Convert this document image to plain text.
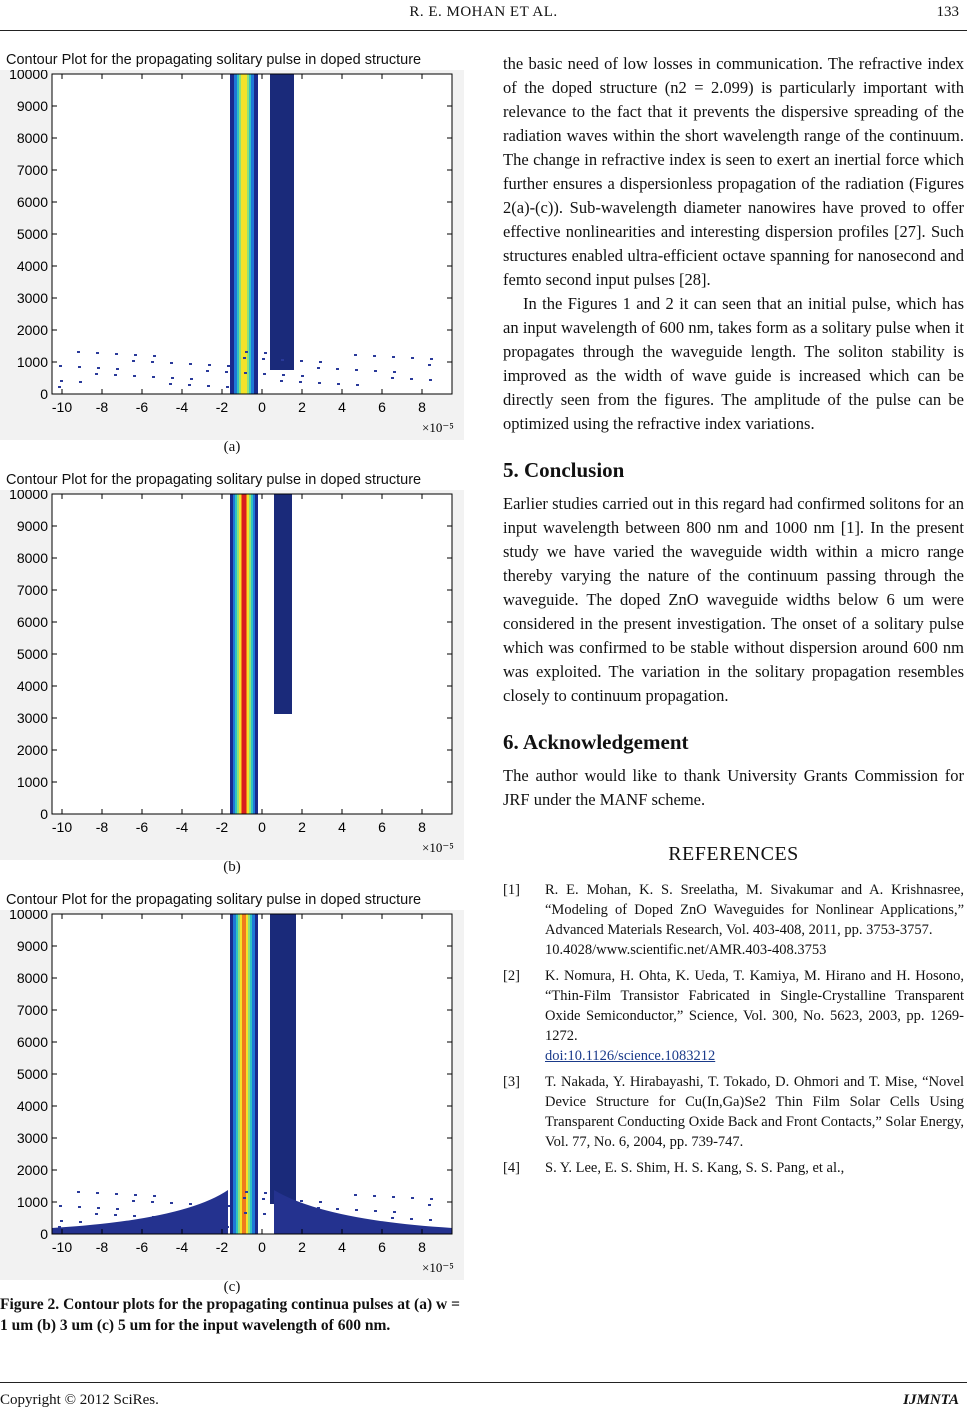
R. E. MOHAN ET AL.	133
Contour Plot for the propagating solitary pulse in doped structure
0
1000
2000
3000
4000
5000
6000
7000
8000
9000
10000
-10 -8 -6 -4 -2 0 2 4 6 8
×10⁻⁵
(a)
Contour Plot for the propagating solitary pulse in doped structure
0
1000
2000
3000
4000
5000
6000
7000
8000
9000
10000
-10 -8 -6 -4 -2 0 2 4 6 8
×10⁻⁵
(b)
Contour Plot for the propagating solitary pulse in doped structure
0
1000
2000
3000
4000
5000
6000
7000
8000
9000
10000
-10 -8 -6 -4 -2 0 2 4 6 8
×10⁻⁵
(c)
Figure 2. Contour plots for the propagating continua pulses at (a) w = 1 um (b) 3 um (c) 5 um for the input wavelength of 600 nm.

the basic need of low losses in communication. The refractive index of the doped structure (n2 = 2.099) is particularly important with relevance to the fact that it prevents the dispersive spreading of the radiation waves within the short wavelength range of the continuum. The change in refractive index is seen to exert an inertial force which further ensures a dispersionless propagation of the radiation (Figures 2(a)-(c)). Sub-wavelength diameter nanowires have proved to offer effective nonlinearities and interesting dispersion profiles [27]. Such structures enabled ultra-efficient octave spanning for nanosecond and femto second input pulses [28].

In the Figures 1 and 2 it can seen that an initial pulse, which has an input wavelength of 600 nm, takes form as a solitary pulse when it propagates through the waveguide length. The soliton stability is improved as the width of wave guide is increased which can be directly seen from the figures. The amplitude of the pulse can be optimized using the refractive index variations.

5. Conclusion

Earlier studies carried out in this regard had confirmed solitons for an input wavelength between 800 nm and 1000 nm [1]. In the present study we have varied the waveguide width within a micro range thereby varying the nature of the continuum passing through the waveguide. The doped ZnO waveguide widths below 6 um were considered in the present investigation. The onset of a solitary pulse which was confirmed to be stable without dispersion around 600 nm was exploited. The variation in the solitary propagation resembles closely to continuum propagation.

6. Acknowledgement

The author would like to thank University Grants Commission for JRF under the MANF scheme.

REFERENCES
[1]	R. E. Mohan, K. S. Sreelatha, M. Sivakumar and A. Krishnasree, “Modeling of Doped ZnO Waveguides for Nonlinear Applications,” Advanced Materials Research, Vol. 403-408, 2011, pp. 3753-3757.
10.4028/www.scientific.net/AMR.403-408.3753
[2]	K. Nomura, H. Ohta, K. Ueda, T. Kamiya, M. Hirano and H. Hosono, “Thin-Film Transistor Fabricated in Single-Crystalline Transparent Oxide Semiconductor,” Science, Vol. 300, No. 5623, 2003, pp. 1269-1272.
doi:10.1126/science.1083212
[3]	T. Nakada, Y. Hirabayashi, T. Tokado, D. Ohmori and T. Mise, “Novel Device Structure for Cu(In,Ga)Se2 Thin Film Solar Cells Using Transparent Conducting Oxide Back and Front Contacts,” Solar Energy, Vol. 77, No. 6, 2004, pp. 739-747.
[4]	S. Y. Lee, E. S. Shim, H. S. Kang, S. S. Pang, et al.,
Copyright © 2012 SciRes.	IJMNTA
